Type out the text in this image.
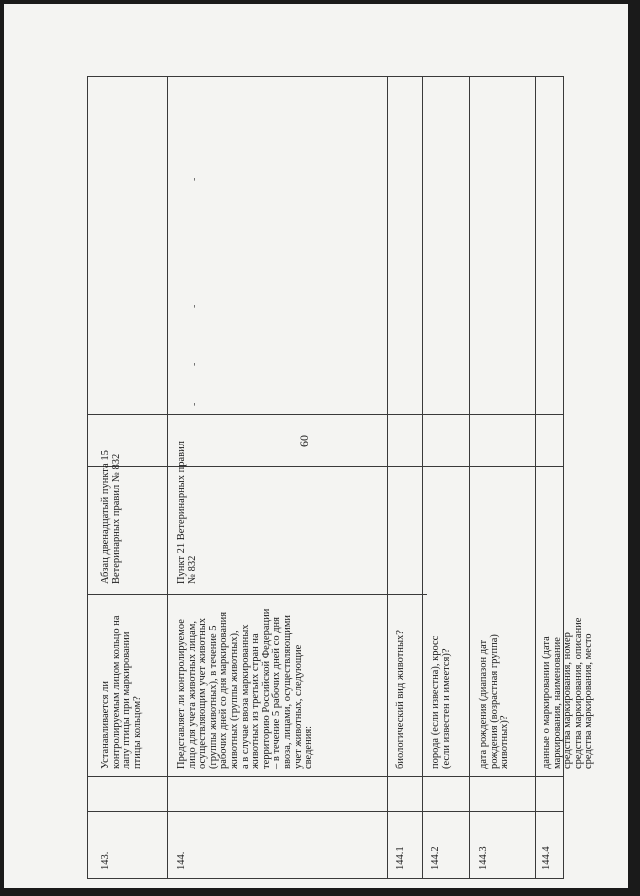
60
143.
Устанавливается ли контролируемым лицом кольцо на лапу птицы при маркировании птицы кольцом?
Абзац двенадцатый пункта 15 Ветеринарных правил № 832
144.
Представляет ли контролируемое лицо для учета животных лицам, осуществляющим учет животных (группы животных), в течение 5 рабочих дней со дня маркирования животных (группы животных), а в случае ввоза маркированных животных из третьих стран на территорию Российской Федерации – в течение 5 рабочих дней со дня ввоза, лицами, осуществляющими учет животных, следующие сведения:
Пункт 21 Ветеринарных правил № 832
-
-
-
-
144.1
биологический вид животных?
144.2
порода (если известна), кросс (если известен и имеется)?
144.3
дата рождения (диапазон дат рождения (возрастная группа) животных)?
144.4
данные о маркировании (дата маркирования, наименование средства маркирования, номер средства маркирования, описание средства маркирования, место
